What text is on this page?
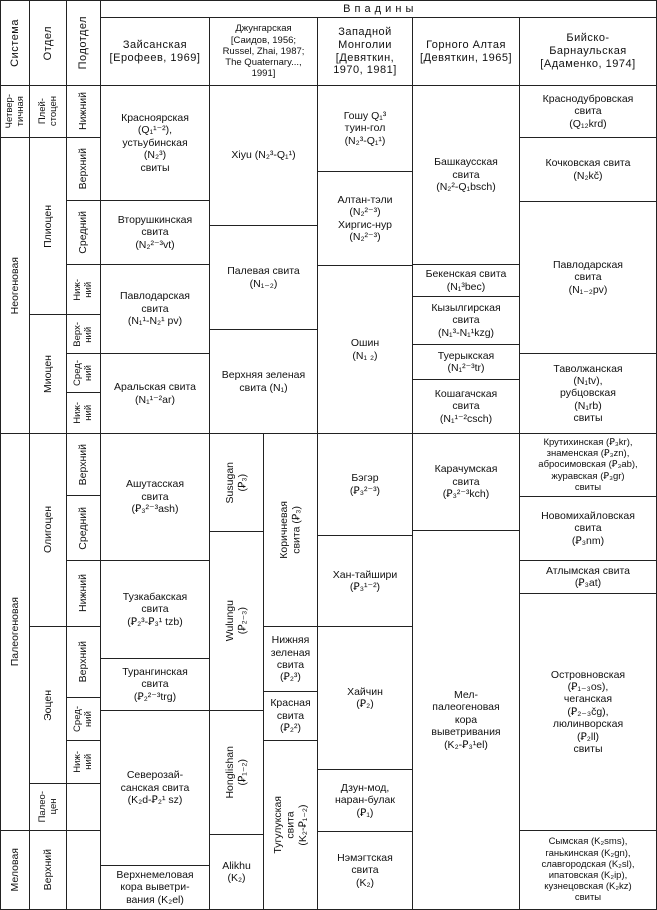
Система Отдел Подотдел
В п а д и н ы
Зайсанская
[Ерофеев, 1969]
Джунгарская
[Саидов, 1956;
Russel, Zhai, 1987;
The Quaternary...,
1991]
Западной
Монголии
[Девяткин,
1970, 1981]
Горного Алтая
[Девяткин, 1965]
Бийско-
Барнаульская
[Адаменко, 1974]
Четвер-
тичная
Неогеновая
Палеогеновая
Меловая
Плей-
стоцен
Плиоцен
Миоцен
Олигоцен
Эоцен
Палео-
цен
Верхний
Нижний
Верхний
Средний
Ниж-
ний
Верх-
ний
Сред-
ний
Ниж-
ний
Верхний
Средний
Нижний
Верхний
Сред-
ний
Ниж-
ний
Красноярская
(Q₁¹⁻²),
устьубинская
(N₂³)
свиты
Вторушкинская
свита
(N₂²⁻³vt)
Павлодарская
свита
(N₁¹-N₂¹ pv)
Аральская свита
(N₁¹⁻²ar)
Ашутасская
свита
(Ꝑ₃²⁻³ash)
Тузкабакская
свита
(Ꝑ₂³-Ꝑ₃¹ tzb)
Турангинская
свита
(Ꝑ₂²⁻³trg)
Северозай-
санская свита
(K₂d-Ꝑ₂¹ sz)
Верхнемеловая
кора выветри-
вания (K₂el)
Xiyu (N₂³-Q₁¹)
Палевая свита
(N₁₋₂)
Верхняя зеленая
свита (N₁)
Susugan
(Ꝑ₃)
Wulungu
(Ꝑ₂₋₃)
Honglishan
(Ꝑ₁₋₂)
Alikhu
(K₂)
Коричневая
свита (Ꝑ₃)
Нижняя
зеленая
свита
(Ꝑ₂³)
Красная
свита
(Ꝑ₂²)
Тугулукская
свита
(K₂-Ꝑ₁₋₂)
Гошу Q₁³
туин-гол
(N₂³-Q₁¹)
Алтан-тэли
(N₂²⁻³)
Хиргис-нур
(N₂²⁻³)
Ошин
(N₁ ₂)
Бэгэр
(Ꝑ₃²⁻³)
Хан-тайшири
(Ꝑ₃¹⁻²)
Хайчин
(Ꝑ₂)
Дзун-мод,
наран-булак
(Ꝑ₁)
Нэмэгтская
свита
(K₂)
Башкаусская
свита
(N₂²-Q₁bsch)
Бекенская свита
(N₁³bec)
Кызылгирская
свита
(N₁³-N₁¹kzg)
Туерыкская
(N₁²⁻³tr)
Кошагачская
свита
(N₁¹⁻²csch)
Карачумская
свита
(Ꝑ₃²⁻³kch)
Мел-
палеогеновая
кора
выветривания
(K₂-Ꝑ₃¹el)
Краснодубровская
свита
(Q₁₂krd)
Кочковская свита
(N₂kč)
Павлодарская
свита
(N₁₋₂pv)
Таволжанская
(N₁tv),
рубцовская
(N₁rb)
свиты
Крутихинская (Ꝑ₃kr),
знаменская (Ꝑ₃zn),
абросимовская (Ꝑ₃ab),
журавская (Ꝑ₃gr)
свиты
Новомихайловская
свита
(Ꝑ₃nm)
Атлымская свита
(Ꝑ₃at)
Островновская
(Ꝑ₁₋₃os),
чеганская
(Ꝑ₂₋₃čg),
люлинворская
(Ꝑ₂ll)
свиты
Сымская (K₂sms),
ганькинская (K₂gn),
славгородская (K₂sl),
ипатовская (K₂ip),
кузнецовская (K₂kz)
свиты
